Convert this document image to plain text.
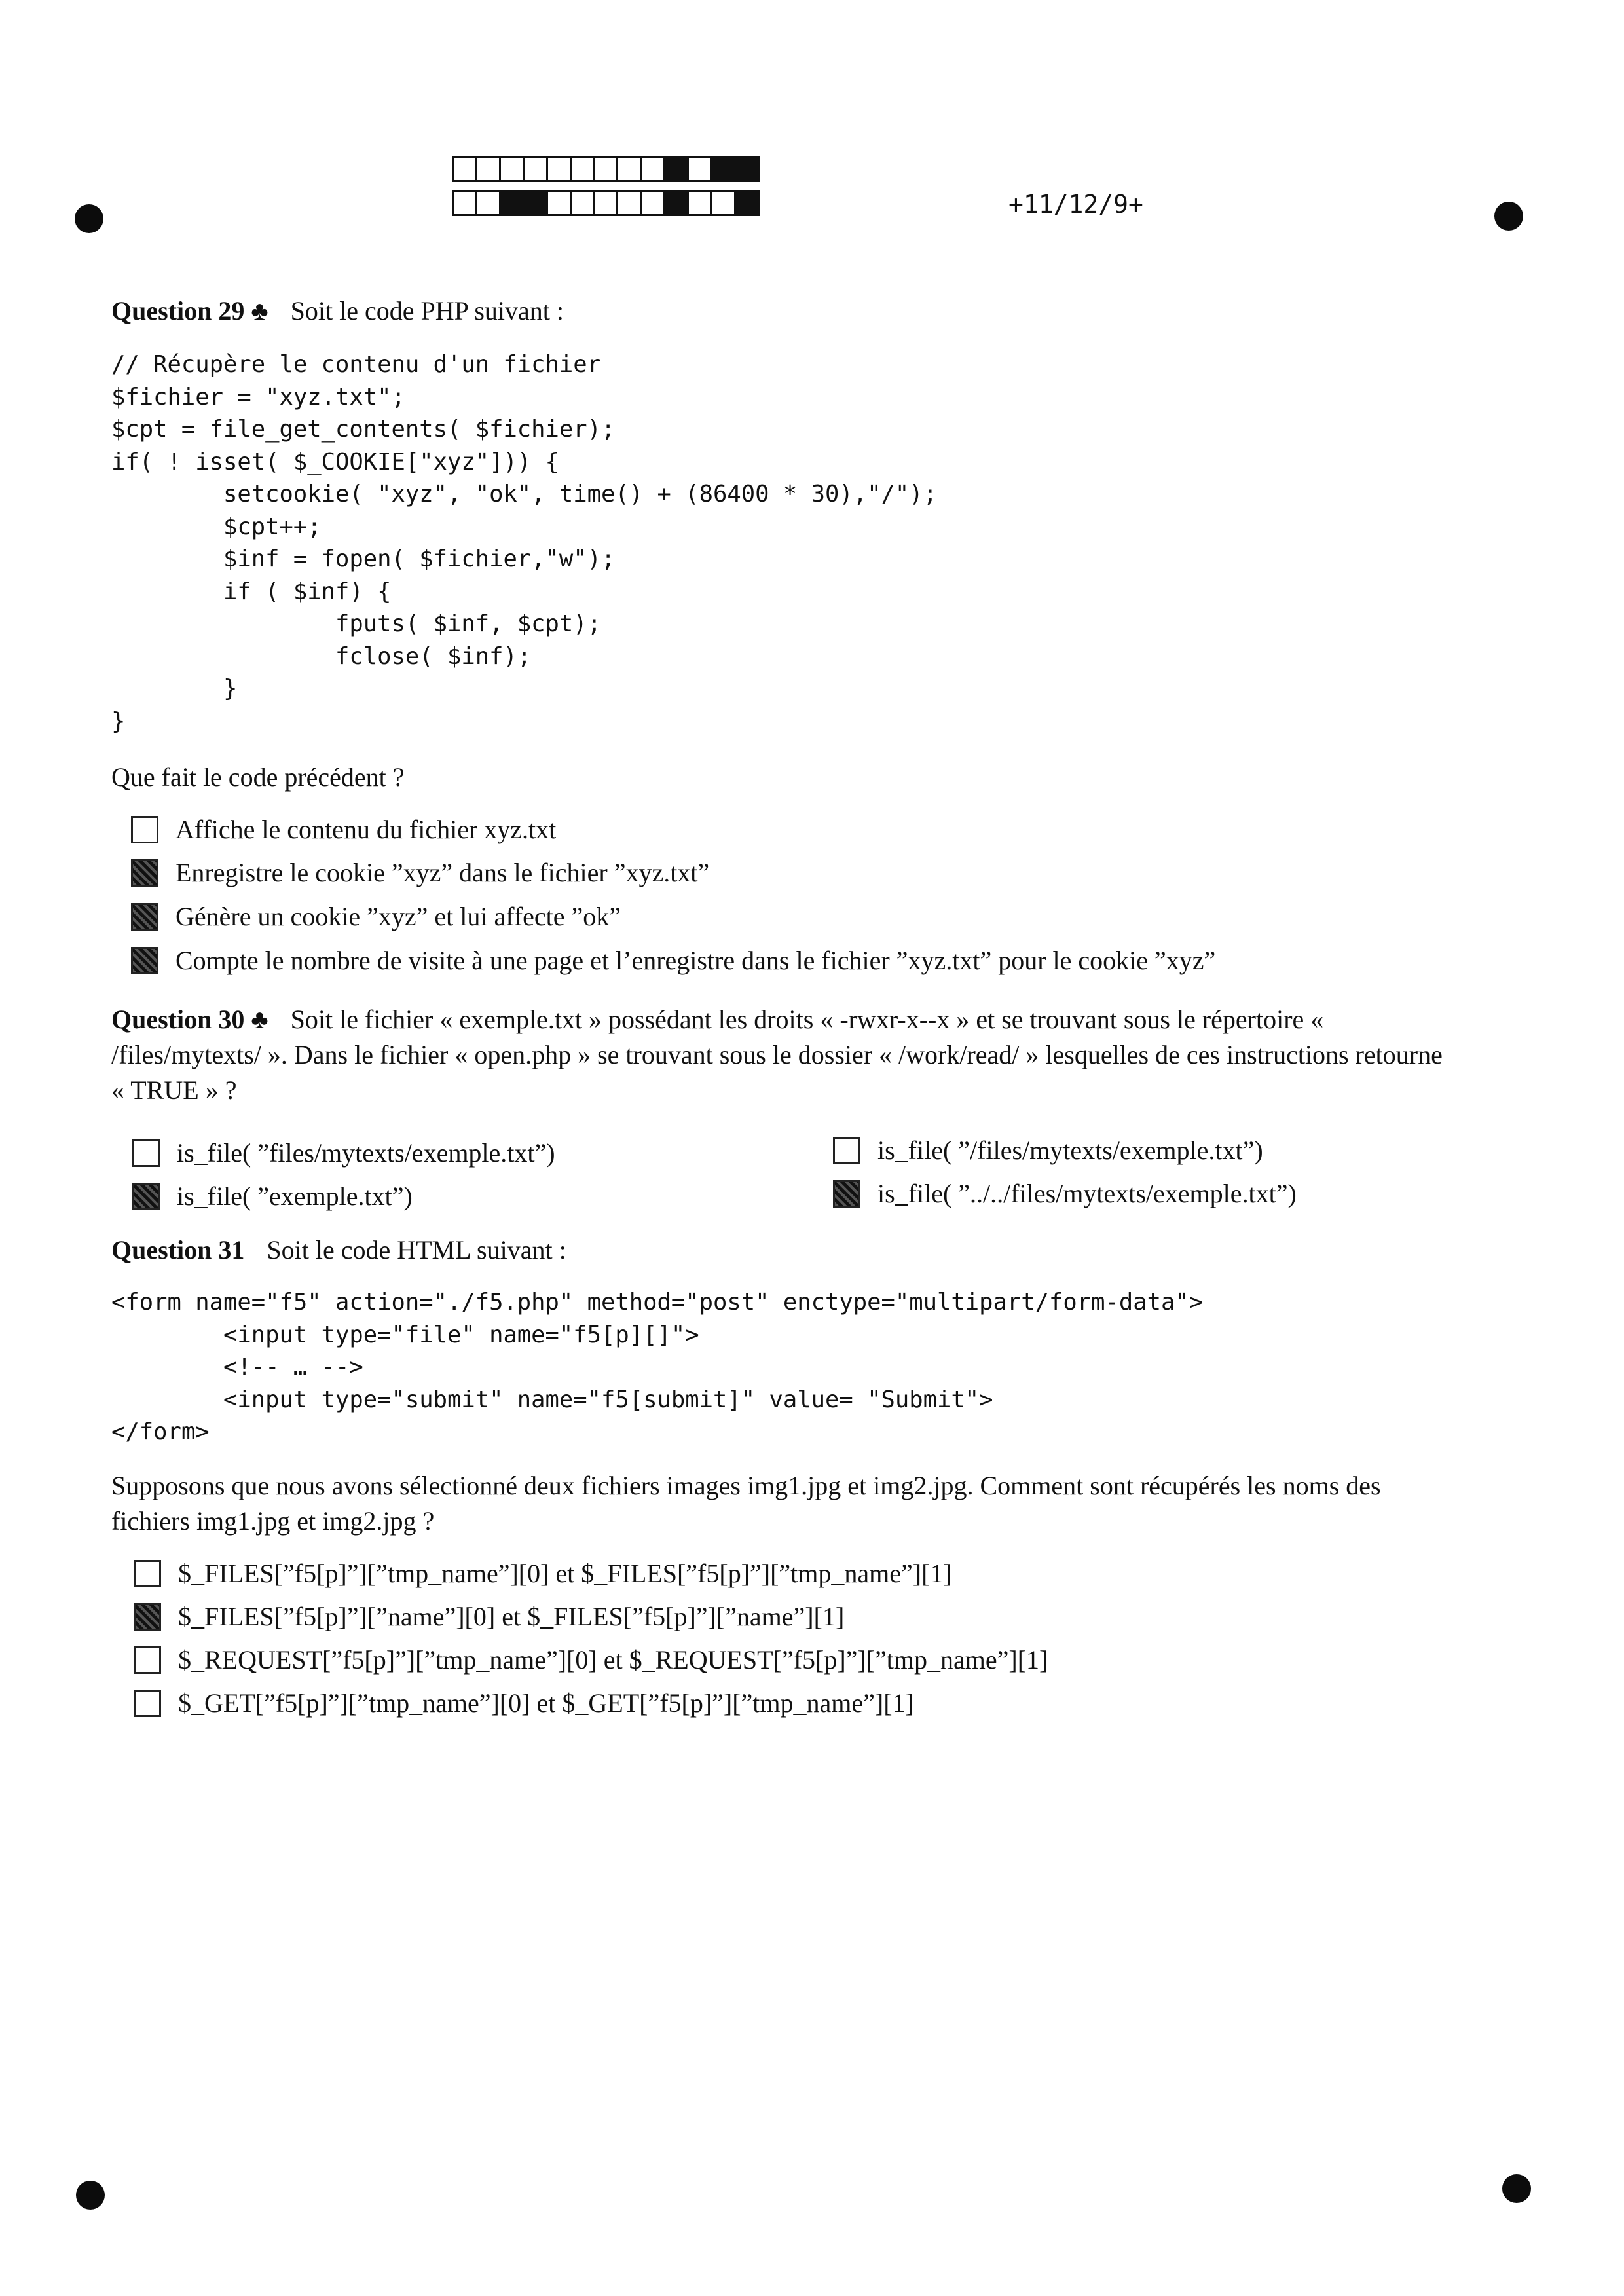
+11/12/9+
Question 29 ♣ Soit le code PHP suivant :
// Récupère le contenu d'un fichier
$fichier = "xyz.txt";
$cpt = file_get_contents( $fichier);
if( ! isset( $_COOKIE["xyz"])) {
setcookie( "xyz", "ok", time() + (86400 * 30),"/");
$cpt++;
$inf = fopen( $fichier,"w");
if ( $inf) {
fputs( $inf, $cpt);
fclose( $inf);
}
}
Que fait le code précédent ?
Affiche le contenu du fichier xyz.txt
Enregistre le cookie ”xyz” dans le fichier ”xyz.txt”
Génère un cookie ”xyz” et lui affecte ”ok”
Compte le nombre de visite à une page et l’enregistre dans le fichier ”xyz.txt” pour le cookie ”xyz”
Question 30 ♣ Soit le fichier « exemple.txt » possédant les droits « -rwxr-x--x » et se trouvant sous le répertoire «
/files/mytexts/ ». Dans le fichier « open.php » se trouvant sous le dossier « /work/read/ » lesquelles de ces instructions retourne
« TRUE » ?
is_file( ”files/mytexts/exemple.txt”)
is_file( ”exemple.txt”)
is_file( ”/files/mytexts/exemple.txt”)
is_file( ”../../files/mytexts/exemple.txt”)
Question 31 Soit le code HTML suivant :
<form name="f5" action="./f5.php" method="post" enctype="multipart/form-data">
<input type="file" name="f5[p][]">
<!-- … -->
<input type="submit" name="f5[submit]" value= "Submit">
</form>
Supposons que nous avons sélectionné deux fichiers images img1.jpg et img2.jpg. Comment sont récupérés les noms des
fichiers img1.jpg et img2.jpg ?
$_FILES[”f5[p]”][”tmp_name”][0] et $_FILES[”f5[p]”][”tmp_name”][1]
$_FILES[”f5[p]”][”name”][0] et $_FILES[”f5[p]”][”name”][1]
$_REQUEST[”f5[p]”][”tmp_name”][0] et $_REQUEST[”f5[p]”][”tmp_name”][1]
$_GET[”f5[p]”][”tmp_name”][0] et $_GET[”f5[p]”][”tmp_name”][1]
